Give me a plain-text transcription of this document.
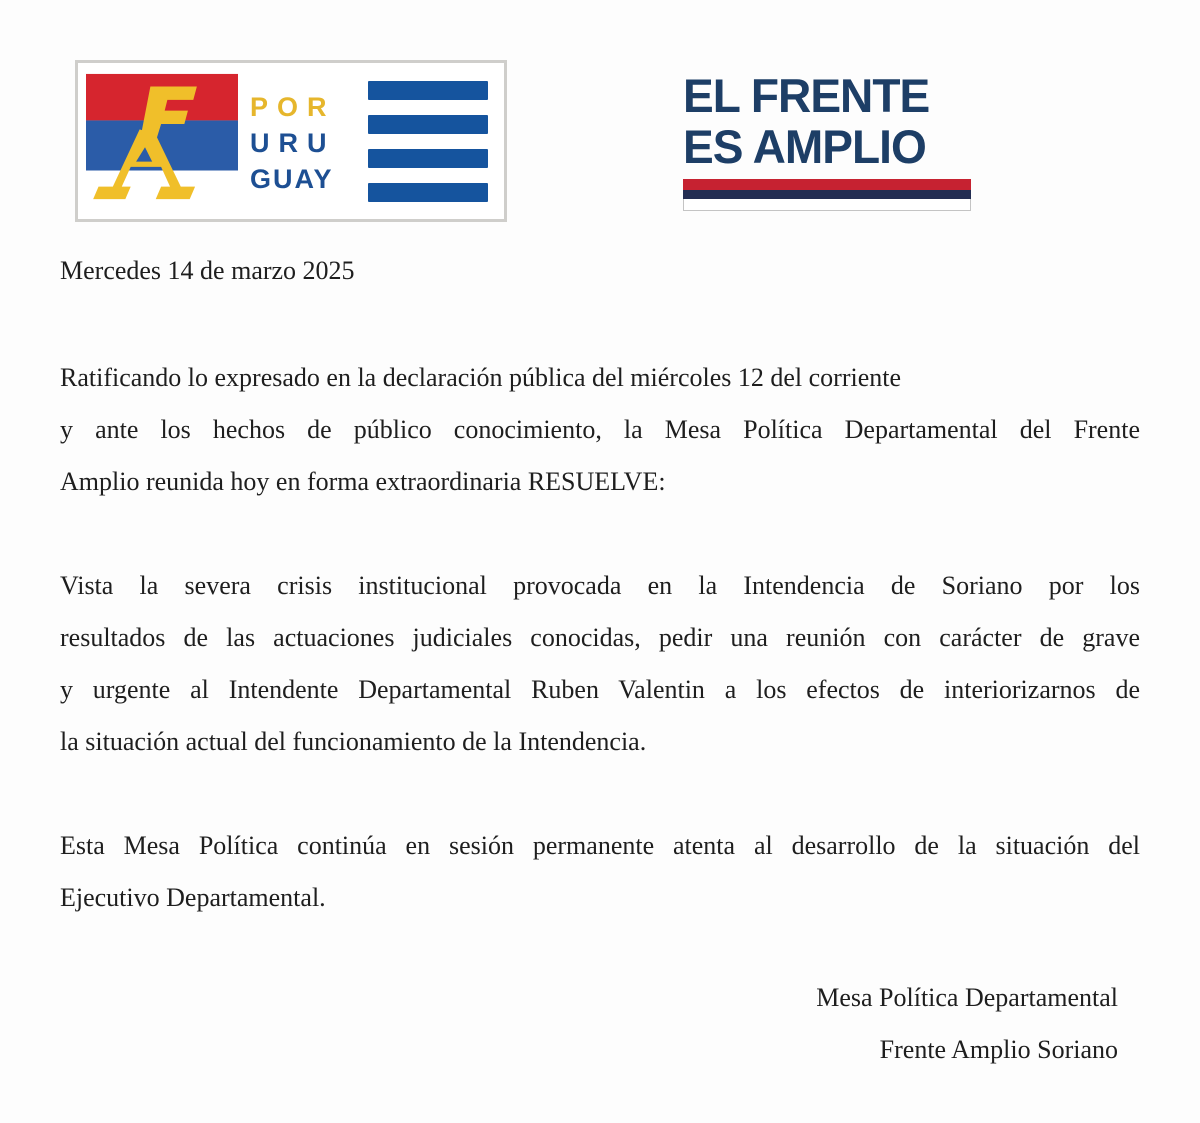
POR
URU
GUAY
EL FRENTE
ES AMPLIO
Mercedes 14 de marzo 2025
Ratificando lo expresado en la declaración pública del miércoles 12 del corriente
y ante los hechos de público conocimiento, la Mesa Política Departamental del Frente
Amplio reunida hoy en forma extraordinaria RESUELVE:
Vista la severa crisis institucional provocada en la Intendencia de Soriano por los
resultados de las actuaciones judiciales conocidas, pedir una reunión con carácter de grave
y urgente al Intendente Departamental Ruben Valentin a los efectos de interiorizarnos de
la situación actual del funcionamiento de la Intendencia.
Esta Mesa Política continúa en sesión permanente atenta al desarrollo de la situación del
Ejecutivo Departamental.
Mesa Política Departamental
Frente Amplio Soriano
